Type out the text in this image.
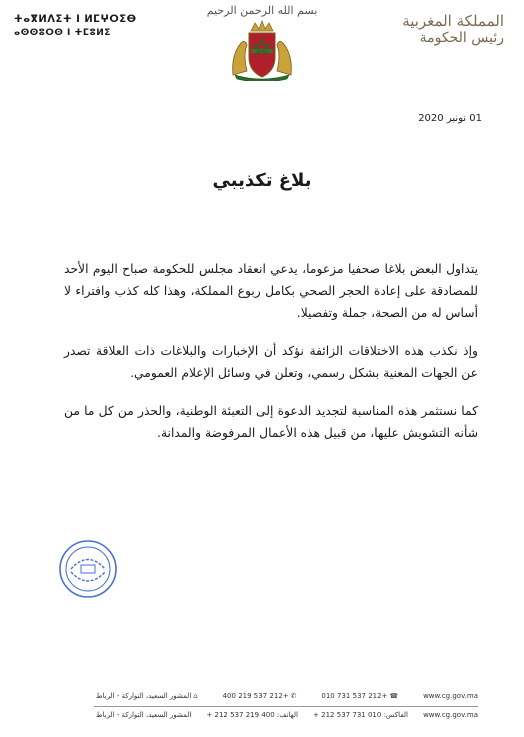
ⵜⴰⴳⵍⴷⵉⵜ ⵏ ⵍⵎⵖⵔⵉⴱ
ⴰⵙⵙⵓⵔⵙ ⵏ ⵜⵎⵓⵍⵉ
بسم الله الرحمن الرحيم
المملكة المغربية
رئيس الحكومة
01 نونبر 2020
بلاغ تكذيبي

يتداول البعض بلاغا صحفيا مزعوما، يدعي انعقاد مجلس للحكومة صباح اليوم الأحد للمصادقة على إعادة الحجر الصحي بكامل ربوع المملكة، وهذا كله كذب وافتراء لا أساس له من الصحة، جملة وتفصيلا.

وإذ نكذب هذه الاختلاقات الزائفة نؤكد أن الإخبارات والبلاغات ذات العلاقة تصدر عن الجهات المعنية بشكل رسمي، وتعلن في وسائل الإعلام العمومي.

كما نستثمر هذه المناسبة لتجديد الدعوة إلى التعبئة الوطنية، والحذر من كل ما من شأنه التشويش عليها، من قبيل هذه الأعمال المرفوضة والمدانة.

www.cg.gov.ma
☎+212 537 731 010
✆+212 537 219 400
⌂المشور السعيد، التواركة - الرباط
www.cg.gov.ma
الفاكس: 010 731 537 212 +
الهاتف: 400 219 537 212 +
المشور السعيد، التواركة - الرباط
